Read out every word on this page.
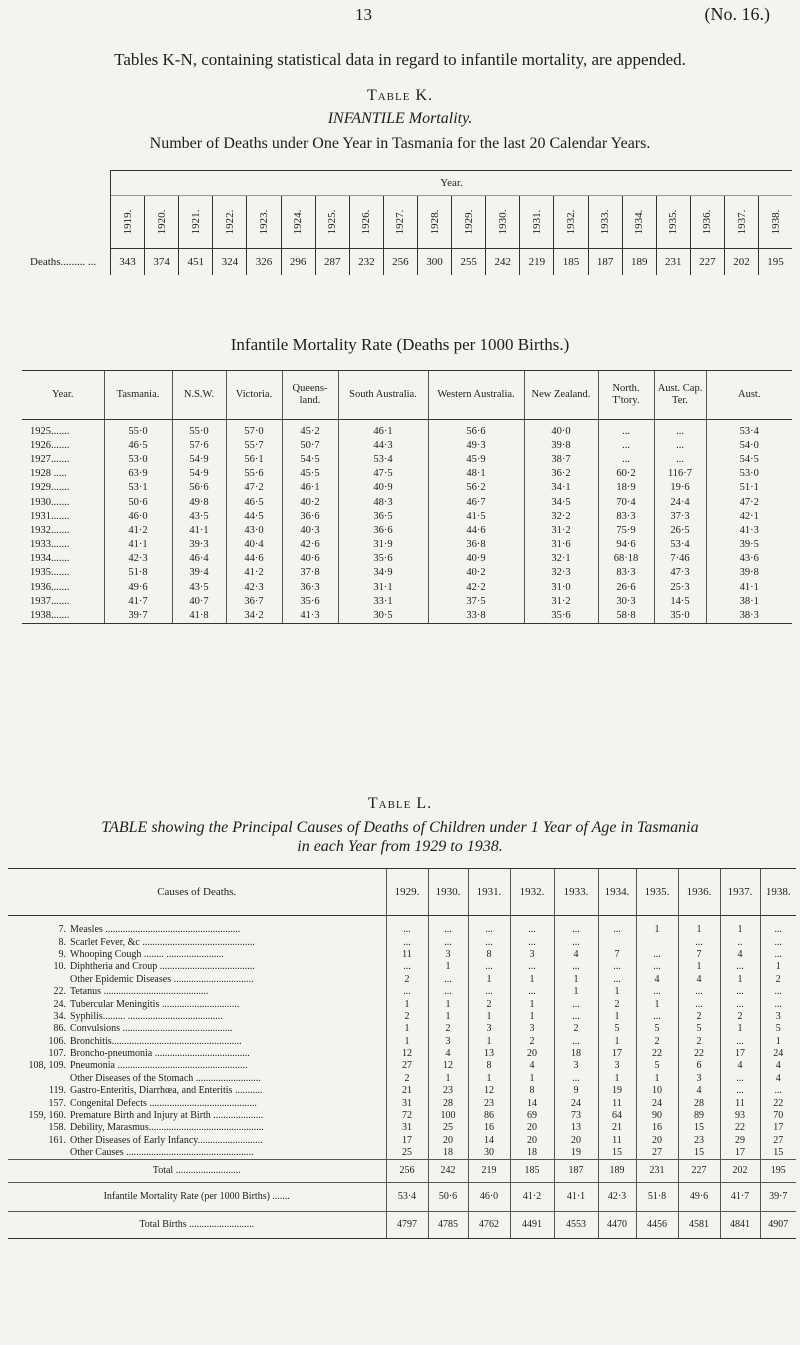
13	(No. 16.)
Tables K-N, containing statistical data in regard to infantile mortality, are appended.
Table K.
INFANTILE Mortality.
Number of Deaths under One Year in Tasmania for the last 20 Calendar Years.
	Year.																			

	1919.	1920.	1921.	1922.	1923.	1924.	1925.	1926.	1927.	1928.	1929.	1930.	1931.	1932.	1933.	1934.	1935.	1936.	1937.	1938.

Deaths......... ...	343	374	451	324	326	296	287	232	256	300	255	242	219	185	187	189	231	227	202	195
Infantile Mortality Rate (Deaths per 1000 Births.)
Year.	Tasmania.	N.S.W.	Victoria.	Queens-land.	South Australia.	Western Australia.	New Zealand.	North. T'tory.	Aust. Cap. Ter.	Aust.
1925.......	55·0	55·0	57·0	45·2	46·1	56·6	40·0	...	...	53·4
1926.......	46·5	57·6	55·7	50·7	44·3	49·3	39·8	...	...	54·0
1927.......	53·0	54·9	56·1	54·5	53·4	45·9	38·7	...	...	54·5
1928 .....	63·9	54·9	55·6	45·5	47·5	48·1	36·2	60·2	116·7	53·0
1929.......	53·1	56·6	47·2	46·1	40·9	56·2	34·1	18·9	19·6	51·1
1930.......	50·6	49·8	46·5	40·2	48·3	46·7	34·5	70·4	24·4	47·2
1931.......	46·0	43·5	44·5	36·6	36·5	41·5	32·2	83·3	37·3	42·1
1932.......	41·2	41·1	43·0	40·3	36·6	44·6	31·2	75·9	26·5	41·3
1933.......	41·1	39·3	40·4	42·6	31·9	36·8	31·6	94·6	53·4	39·5
1934.......	42·3	46·4	44·6	40·6	35·6	40·9	32·1	68·18	7·46	43·6
1935.......	51·8	39·4	41·2	37·8	34·9	40·2	32·3	83·3	47·3	39·8
1936.......	49·6	43·5	42·3	36·3	31·1	42·2	31·0	26·6	25·3	41·1
1937.......	41·7	40·7	36·7	35·6	33·1	37·5	31·2	30·3	14·5	38·1
1938.......	39·7	41·8	34·2	41·3	30·5	33·8	35·6	58·8	35·0	38·3
Table L.
TABLE showing the Principal Causes of Deaths of Children under 1 Year of Age in Tasmania
in each Year from 1929 to 1938.
Causes of Deaths.		1929.	1930.	1931.	1932.	1933.	1934.	1935.	1936.	1937.	1938.

7.	Measles ......................................................	...	...	...	...	...	...	1	1	1	...
8.	Scarlet Fever, &c .............................................	...	...	...	...	...			...	..	...
9.	Whooping Cough ........ .......................	11	3	8	3	4	7	...	7	4	...
10.	Diphtheria and Croup ......................................	...	1	...	...	...	...	...	1	...	1
	Other Epidemic Diseases ................................	2	...	1	1	1	...	4	4	1	2
22.	Tetanus ..........................................	...	...	...	...	1	1	...	...	...	...
24.	Tubercular Meningitis ...............................	1	1	2	1	...	2	1	...	...	...
34.	Syphilis......... ......................................	2	1	1	1	...	1	...	2	2	3
86.	Convulsions ............................................	1	2	3	3	2	5	5	5	1	5
106.	Bronchitis....................................................	1	3	1	2	...	1	2	2	...	1
107.	Broncho-pneumonia ......................................	12	4	13	20	18	17	22	22	17	24
108, 109.	Pneumonia ....................................................	27	12	8	4	3	3	5	6	4	4
	Other Diseases of the Stomach ..........................	2	1	1	1	...	1	1	3	...	4
119.	Gastro-Enteritis, Diarrhœa, and Enteritis ...........	21	23	12	8	9	19	10	4	...	...
157.	Congenital Defects ...........................................	31	28	23	14	24	11	24	28	11	22
159, 160.	Premature Birth and Injury at Birth ....................	72	100	86	69	73	64	90	89	93	70
158.	Debility, Marasmus..............................................	31	25	16	20	13	21	16	15	22	17
161.	Other Diseases of Early Infancy..........................	17	20	14	20	20	11	20	23	29	27
	Other Causes ...................................................	25	18	30	18	19	15	27	15	17	15
Total ..........................		256	242	219	185	187	189	231	227	202	195
Infantile Mortality Rate (per 1000 Births) .......		53·4	50·6	46·0	41·2	41·1	42·3	51·8	49·6	41·7	39·7
Total Births ..........................		4797	4785	4762	4491	4553	4470	4456	4581	4841	4907
